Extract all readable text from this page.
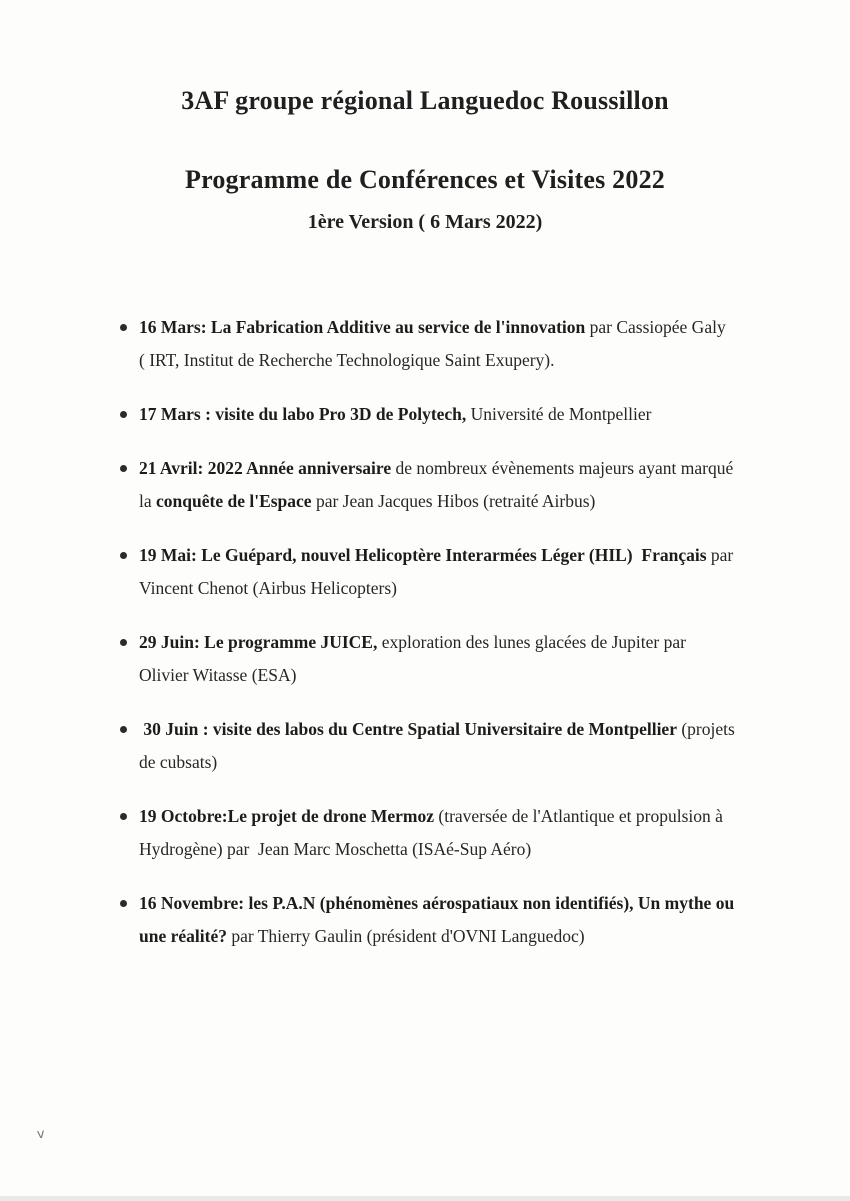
3AF groupe régional Languedoc Roussillon
Programme de Conférences et Visites 2022
1ère Version ( 6 Mars 2022)
16 Mars: La Fabrication Additive au service de l'innovation par Cassiopée Galy  ( IRT, Institut de Recherche Technologique Saint Exupery).
17 Mars : visite du labo Pro 3D de Polytech, Université de Montpellier
21 Avril: 2022 Année anniversaire de nombreux évènements majeurs ayant marqué la conquête de l'Espace par Jean Jacques Hibos (retraité Airbus)
19 Mai: Le Guépard, nouvel Helicoptère Interarmées Léger (HIL)  Français par Vincent Chenot (Airbus Helicopters)
29 Juin: Le programme JUICE, exploration des lunes glacées de Jupiter par Olivier Witasse (ESA)
30 Juin : visite des labos du Centre Spatial Universitaire de Montpellier (projets de cubsats)
19 Octobre:Le projet de drone Mermoz (traversée de l'Atlantique et propulsion à Hydrogène) par  Jean Marc Moschetta (ISAé-Sup Aéro)
16 Novembre: les P.A.N (phénomènes aérospatiaux non identifiés), Un mythe ou une réalité? par Thierry Gaulin (président d'OVNI Languedoc)
v
